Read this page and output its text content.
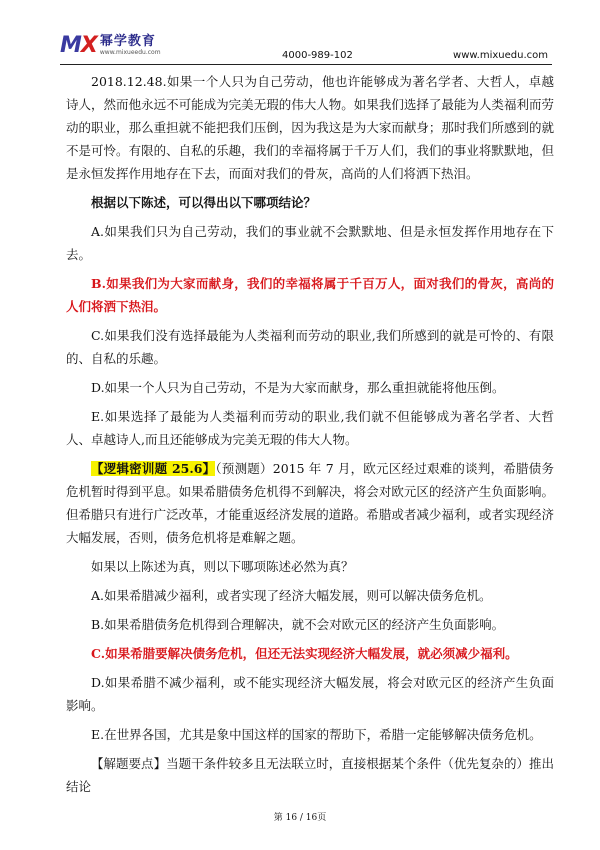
MX 幂学教育
www.mixueedu.com	4000-989-102	www.mixuedu.com

2018.12.48.如果一个人只为自己劳动，他也许能够成为著名学者、大哲人，卓越诗人，然而他永远不可能成为完美无瑕的伟大人物。如果我们选择了最能为人类福利而劳动的职业，那么重担就不能把我们压倒，因为我这是为大家而献身；那时我们所感到的就不是可怜。有限的、自私的乐趣，我们的幸福将属于千万人们，我们的事业将默默地，但是永恒发挥作用地存在下去，而面对我们的骨灰，高尚的人们将洒下热泪。

根据以下陈述，可以得出以下哪项结论？

A.如果我们只为自己劳动，我们的事业就不会默默地、但是永恒发挥作用地存在下去。

B.如果我们为大家而献身，我们的幸福将属于千百万人，面对我们的骨灰，高尚的人们将洒下热泪。

C.如果我们没有选择最能为人类福利而劳动的职业,我们所感到的就是可怜的、有限的、自私的乐趣。

D.如果一个人只为自己劳动，不是为大家而献身，那么重担就能将他压倒。

E.如果选择了最能为人类福利而劳动的职业,我们就不但能够成为著名学者、大哲人、卓越诗人,而且还能够成为完美无瑕的伟大人物。

【逻辑密训题 25.6】（预测题）2015 年 7 月，欧元区经过艰难的谈判，希腊债务危机暂时得到平息。如果希腊债务危机得不到解决，将会对欧元区的经济产生负面影响。但希腊只有进行广泛改革，才能重返经济发展的道路。希腊或者减少福利，或者实现经济大幅发展，否则，债务危机将是难解之题。

如果以上陈述为真，则以下哪项陈述必然为真？

A.如果希腊减少福利，或者实现了经济大幅发展，则可以解决债务危机。

B.如果希腊债务危机得到合理解决，就不会对欧元区的经济产生负面影响。

C.如果希腊要解决债务危机，但还无法实现经济大幅发展，就必须减少福利。

D.如果希腊不减少福利，或不能实现经济大幅发展，将会对欧元区的经济产生负面影响。

E.在世界各国，尤其是象中国这样的国家的帮助下，希腊一定能够解决债务危机。

【解题要点】当题干条件较多且无法联立时，直接根据某个条件（优先复杂的）推出结论

第 16 / 16页
